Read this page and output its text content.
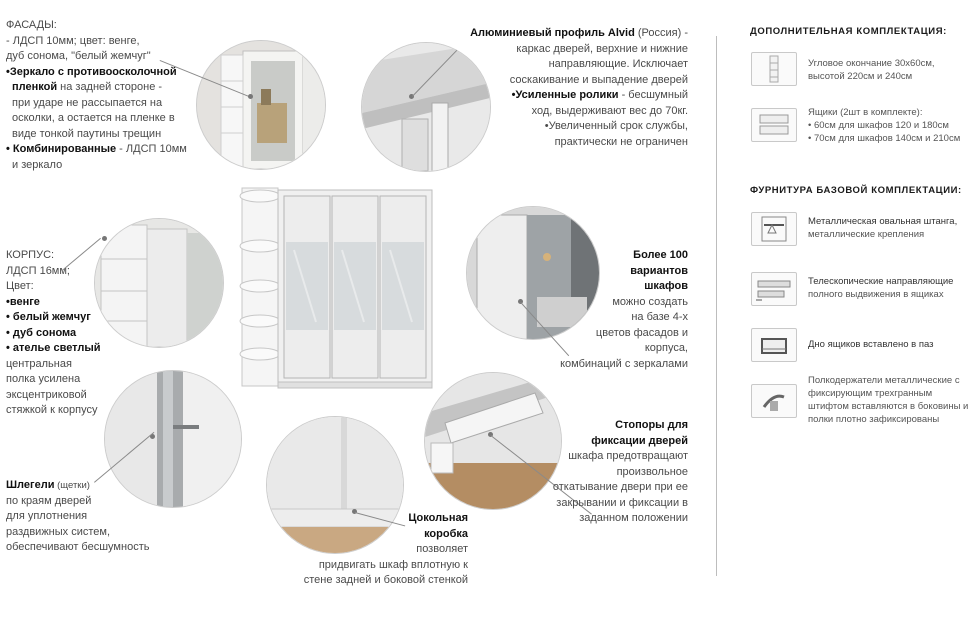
ФАСАДЫ:
- ЛДСП 10мм; цвет: венге,
дуб сонома, "белый жемчуг"
•Зеркало с противоосколочной
пленкой на задней стороне -
при ударе не рассыпается на
осколки, а остается на пленке в
виде тонкой паутины трещин
• Комбинированные - ЛДСП 10мм
и зеркало
Алюминиевый профиль Alvid (Россия) -
каркас дверей, верхние и нижние
направляющие. Исключает
соскакивание и выпадение дверей
•Усиленные ролики - бесшумный
ход, выдерживают вес до 70кг.
•Увеличенный срок службы,
практически не ограничен
КОРПУС:
ЛДСП 16мм;
Цвет:
•венге
• белый жемчуг
• дуб сонома
• ателье светлый
центральная
полка усилена
эксцентриковой
стяжкой к корпусу
Более 100
вариантов
шкафов
можно создать
на базе 4-х
цветов фасадов и
корпуса,
комбинаций с зеркалами
Шлегели (щетки)
по краям дверей
для уплотнения
раздвижных систем,
обеспечивают бесшумность
Цокольная
коробка
позволяет
придвигать шкаф вплотную к
стене задней и боковой стенкой
Стопоры для
фиксации дверей
шкафа предотвращают
произвольное
откатывание двери при ее
закрывании и фиксации в
заданном положении
ДОПОЛНИТЕЛЬНАЯ КОМПЛЕКТАЦИЯ:
Угловое окончание 30х60см,
высотой 220см и 240см
Ящики (2шт в комплекте):
• 60см для шкафов 120 и 180см
• 70см для шкафов 140см и 210см
ФУРНИТУРА БАЗОВОЙ КОМПЛЕКТАЦИИ:
Металлическая овальная штанга,
металлические крепления
Телескопические направляющие
полного выдвижения в ящиках
Дно ящиков вставлено в паз
Полкодержатели металлические с
фиксирующим трехгранным
штифтом вставляются в боковины и
полки плотно зафиксированы
